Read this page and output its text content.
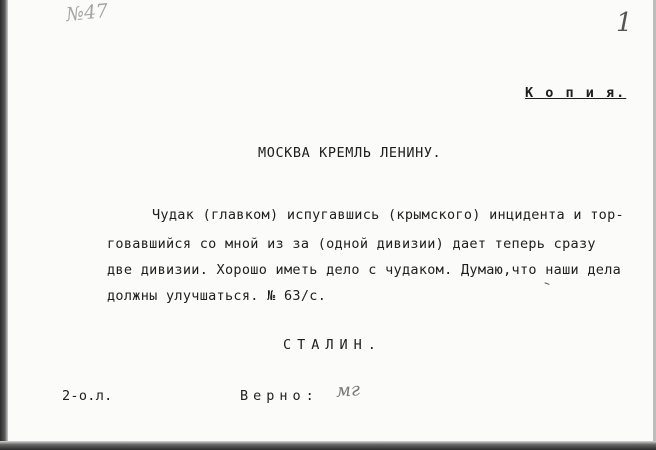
№47	1
К о п и я.
МОСКВА КРЕМЛЬ ЛЕНИНУ.
Чудак (главком) испугавшись (крымского) инцидента и тор-
говавшийся со мной из за (одной дивизии) дает теперь сразу
две дивизии. Хорошо иметь дело с чудаком. Думаю,что наши дела
должны улучшаться. № 63/с.
СТАЛИН.
2-о.л.	Верно: мг
